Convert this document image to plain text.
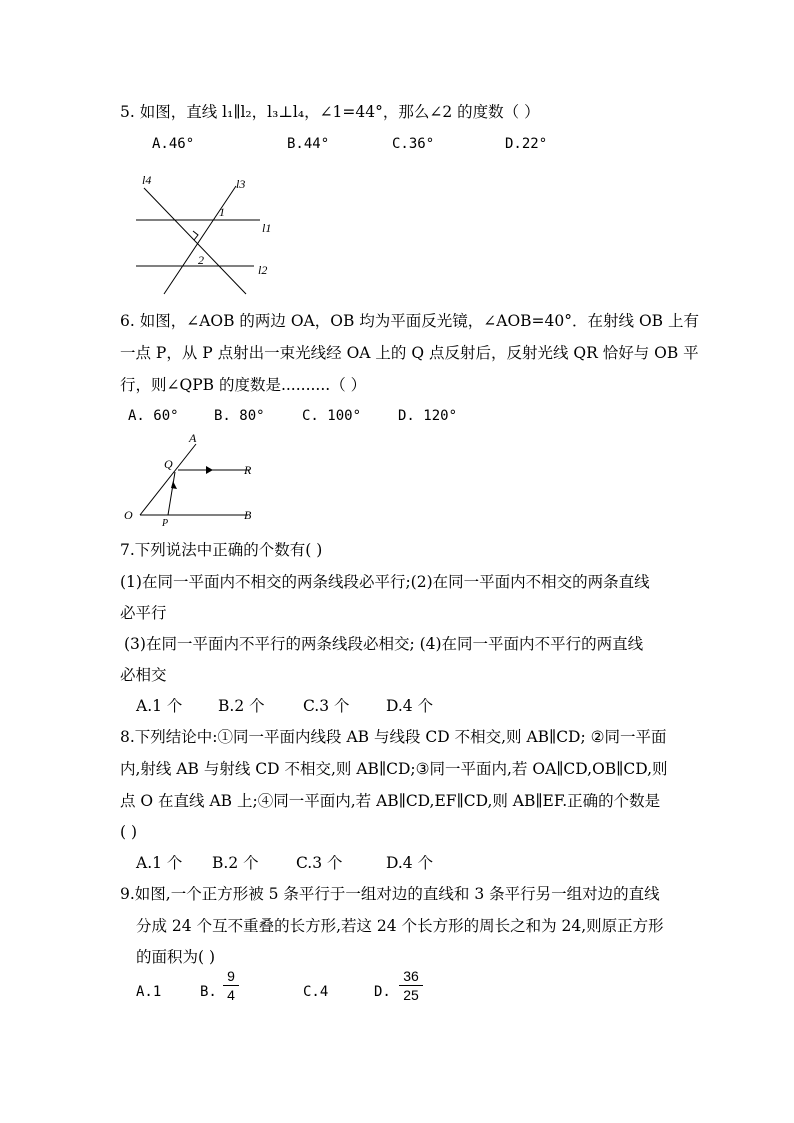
5. 如图，直线 l₁∥l₂，l₃⊥l₄，∠1=44°，那么∠2 的度数（ ）
A.46°	B.44°	C.36°	D.22°
l4	l3
1
l1
2
l2
6. 如图，∠AOB 的两边 OA，OB 均为平面反光镜，∠AOB=40°．在射线 OB 上有
一点 P，从 P 点射出一束光线经 OA 上的 Q 点反射后，反射光线 QR 恰好与 OB 平
行，则∠QPB 的度数是..........（ ）
A. 60°	B. 80°	C. 100°	D. 120°
A
Q	R
O
P
B
7.下列说法中正确的个数有( )
(1)在同一平面内不相交的两条线段必平行;(2)在同一平面内不相交的两条直线
必平行
(3)在同一平面内不平行的两条线段必相交; (4)在同一平面内不平行的两直线
必相交
A.1 个 B.2 个 C.3 个 D.4 个
8.下列结论中:①同一平面内线段 AB 与线段 CD 不相交,则 AB∥CD; ②同一平面
内,射线 AB 与射线 CD 不相交,则 AB∥CD;③同一平面内,若 OA∥CD,OB∥CD,则
点 O 在直线 AB 上;④同一平面内,若 AB∥CD,EF∥CD,则 AB∥EF.正确的个数是
( )
A.1 个 B.2 个 C.3 个	D.4 个
9.如图,一个正方形被 5 条平行于一组对边的直线和 3 条平行另一组对边的直线
分成 24 个互不重叠的长方形,若这 24 个长方形的周长之和为 24,则原正方形
的面积为( )
A.1	B.
9
4	C.4	D.
36
25
